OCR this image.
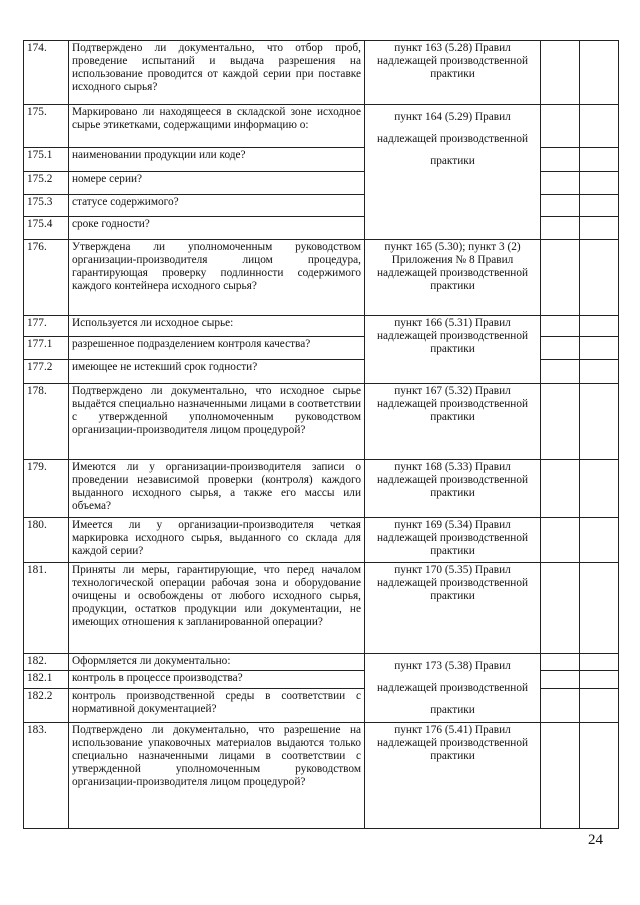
174.	Подтверждено ли документально, что отбор проб, проведение испытаний и выдача разрешения на использование проводится от каждой серии при поставке исходного сырья?	пункт 163 (5.28) Правил надлежащей производственной практики		
175.	Маркировано ли находящееся в складской зоне исходное сырье этикетками, содержащими информацию о:	пункт 164 (5.29) Правил надлежащей производственной практики		
175.1	наименовании продукции или коде?			
175.2	номере серии?			
175.3	статусе содержимого?			
175.4	сроке годности?			
176.	Утверждена ли уполномоченным руководством организации-производителя лицом процедура, гарантирующая проверку подлинности содержимого каждого контейнера исходного сырья?	пункт 165 (5.30); пункт 3 (2) Приложения № 8 Правил надлежащей производственной практики		
177.	Используется ли исходное сырье:	пункт 166 (5.31) Правил надлежащей производственной практики		
177.1	разрешенное подразделением контроля качества?			
177.2	имеющее не истекший срок годности?			
178.	Подтверждено ли документально, что исходное сырье выдаётся специально назначенными лицами в соответствии с утвержденной уполномоченным руководством организации-производителя лицом процедурой?	пункт 167 (5.32) Правил надлежащей производственной практики		
179.	Имеются ли у организации-производителя записи о проведении независимой проверки (контроля) каждого выданного исходного сырья, а также его массы или объема?	пункт 168 (5.33) Правил надлежащей производственной практики		
180.	Имеется ли у организации-производителя четкая маркировка исходного сырья, выданного со склада для каждой серии?	пункт 169 (5.34) Правил надлежащей производственной практики		
181.	Приняты ли меры, гарантирующие, что перед началом технологической операции рабочая зона и оборудование очищены и освобождены от любого исходного сырья, продукции, остатков продукции или документации, не имеющих отношения к запланированной операции?	пункт 170 (5.35) Правил надлежащей производственной практики		
182.	Оформляется ли документально:	пункт 173 (5.38) Правил надлежащей производственной практики		
182.1	контроль в процессе производства?			
182.2	контроль производственной среды в соответствии с нормативной документацией?			
183.	Подтверждено ли документально, что разрешение на использование упаковочных материалов выдаются только специально назначенными лицами в соответствии с утвержденной уполномоченным руководством организации-производителя лицом процедурой?	пункт 176 (5.41) Правил надлежащей производственной практики		
24
